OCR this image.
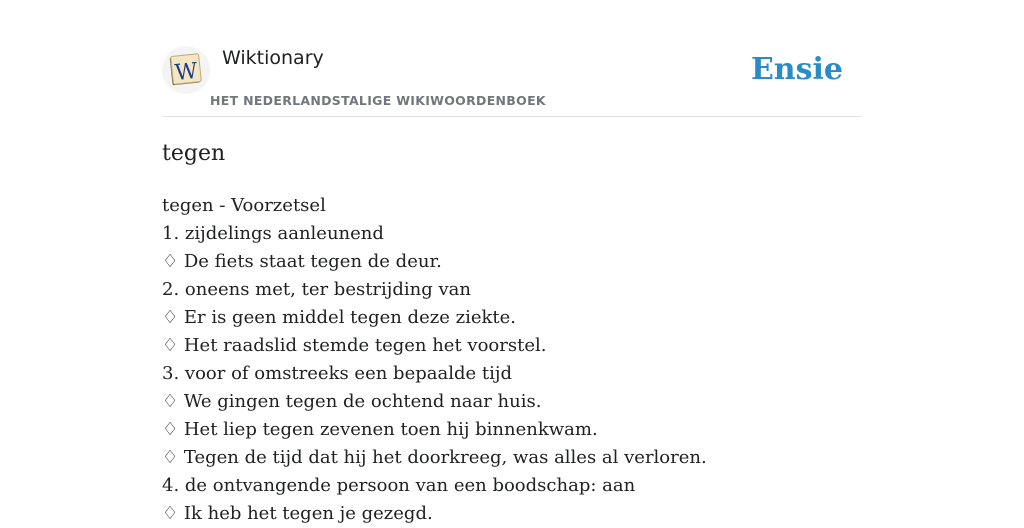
W
Wiktionary
HET NEDERLANDSTALIGE WIKIWOORDENBOEK
Ensie
tegen
tegen - Voorzetsel
1. zijdelings aanleunend
♢ De fiets staat tegen de deur.
2. oneens met, ter bestrijding van
♢ Er is geen middel tegen deze ziekte.
♢ Het raadslid stemde tegen het voorstel.
3. voor of omstreeks een bepaalde tijd
♢ We gingen tegen de ochtend naar huis.
♢ Het liep tegen zevenen toen hij binnenkwam.
♢ Tegen de tijd dat hij het doorkreeg, was alles al verloren.
4. de ontvangende persoon van een boodschap: aan
♢ Ik heb het tegen je gezegd.
